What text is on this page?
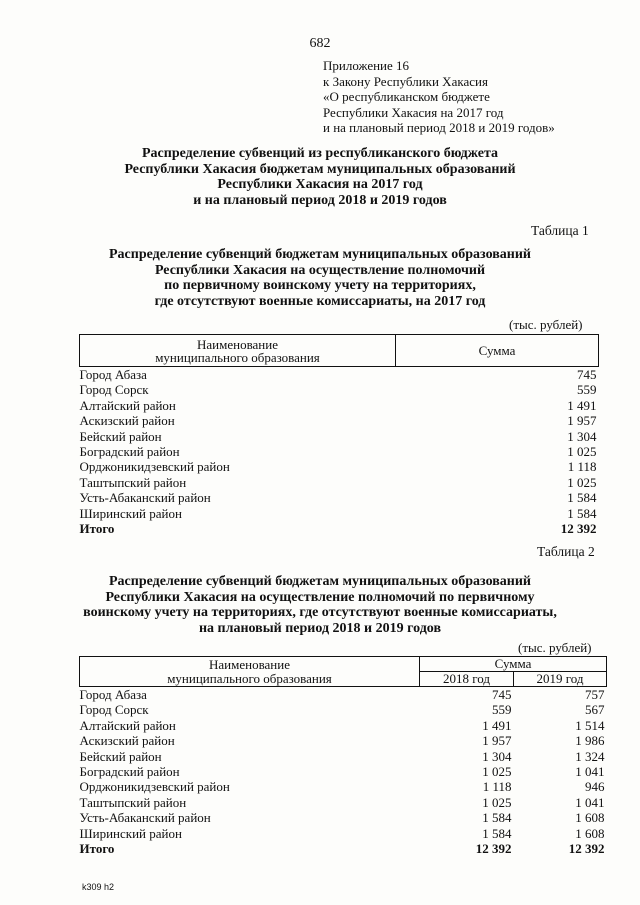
682
Приложение 16
к Закону Республики Хакасия
«О республиканском бюджете
Республики Хакасия на 2017 год
и на плановый период 2018 и 2019 годов»
Распределение субвенций из республиканского бюджета
Республики Хакасия бюджетам муниципальных образований
Республики Хакасия на 2017 год
и на плановый период 2018 и 2019 годов
Таблица 1
Распределение субвенций бюджетам муниципальных образований
Республики Хакасия на осуществление полномочий
по первичному воинскому учету на территориях,
где отсутствуют военные комиссариаты, на 2017 год
(тыс. рублей)
Наименование
муниципального образования	Сумма
Город Абаза	745
Город Сорск	559
Алтайский район	1 491
Аскизский район	1 957
Бейский район	1 304
Боградский район	1 025
Орджоникидзевский район	1 118
Таштыпский район	1 025
Усть-Абаканский район	1 584
Ширинский район	1 584
Итого	12 392
Таблица 2
Распределение субвенций бюджетам муниципальных образований
Республики Хакасия на осуществление полномочий по первичному
воинскому учету на территориях, где отсутствуют военные комиссариаты,
на плановый период 2018 и 2019 годов
(тыс. рублей)
Наименование
муниципального образования	Сумма	
	2018 год	2019 год
Город Абаза	745	757
Город Сорск	559	567
Алтайский район	1 491	1 514
Аскизский район	1 957	1 986
Бейский район	1 304	1 324
Боградский район	1 025	1 041
Орджоникидзевский район	1 118	946
Таштыпский район	1 025	1 041
Усть-Абаканский район	1 584	1 608
Ширинский район	1 584	1 608
Итого	12 392	12 392
k309 h2
